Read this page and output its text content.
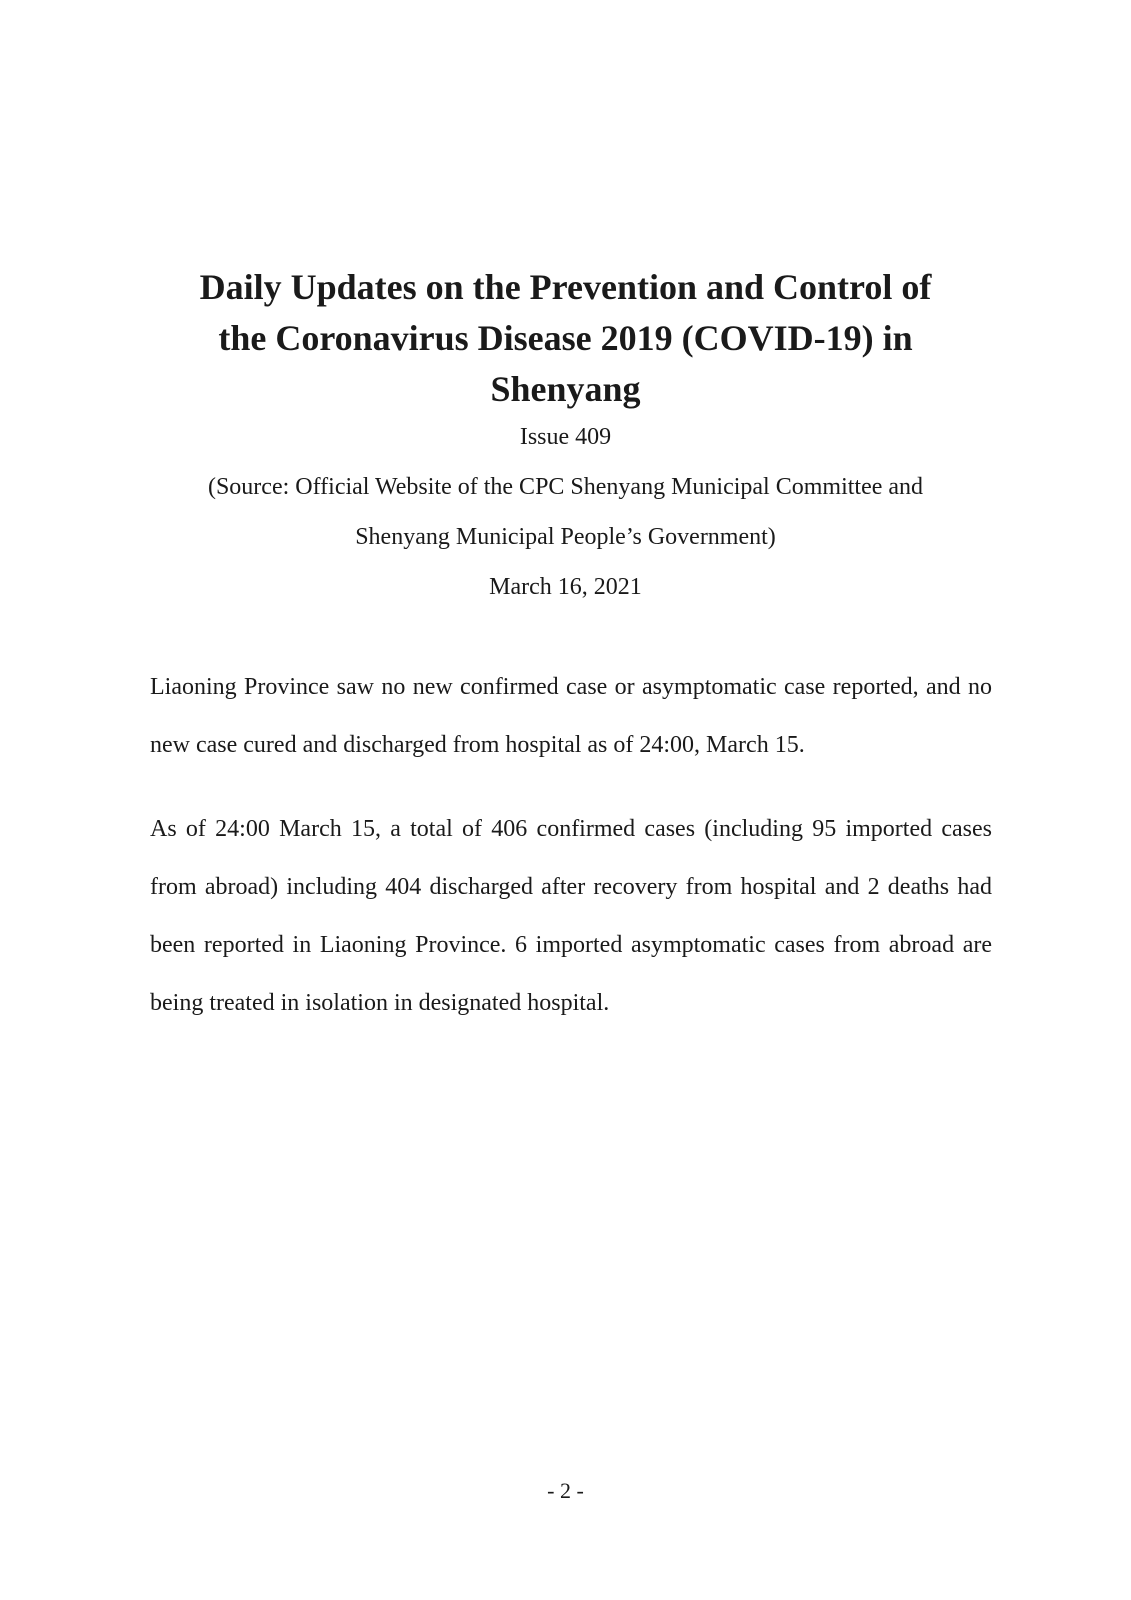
Daily Updates on the Prevention and Control of
the Coronavirus Disease 2019 (COVID-19) in
Shenyang
Issue 409
(Source: Official Website of the CPC Shenyang Municipal Committee and
Shenyang Municipal People’s Government)
March 16, 2021
Liaoning Province saw no new confirmed case or asymptomatic case reported, and no new case cured and discharged from hospital as of 24:00, March 15.
As of 24:00 March 15, a total of 406 confirmed cases (including 95 imported cases from abroad) including 404 discharged after recovery from hospital and 2 deaths had been reported in Liaoning Province. 6 imported asymptomatic cases from abroad are being treated in isolation in designated hospital.
- 2 -
